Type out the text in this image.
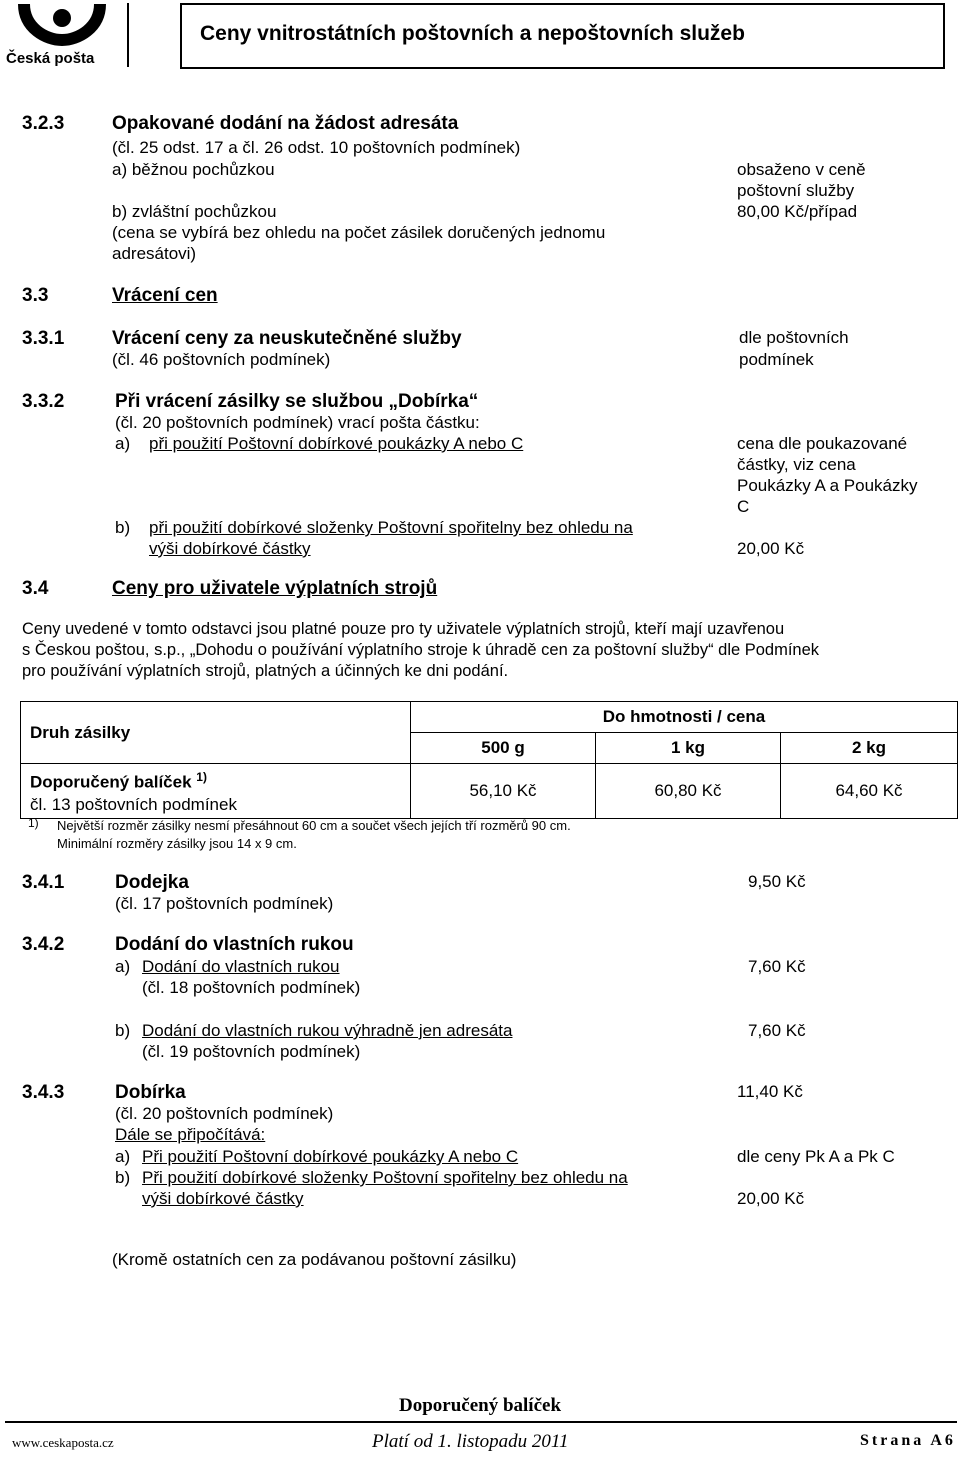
Česká pošta
Ceny vnitrostátních poštovních a nepoštovních služeb
3.2.3	Opakované dodání na žádost adresáta
(čl. 25 odst. 17 a čl. 26 odst. 10 poštovních podmínek)
a) běžnou pochůzkou	obsaženo v ceně
poštovní služby
b) zvláštní pochůzkou	80,00 Kč/případ
(cena se vybírá bez ohledu na počet zásilek doručených jednomu
adresátovi)
3.3	Vrácení cen
3.3.1	Vrácení ceny za neuskutečněné služby
(čl. 46 poštovních podmínek)
dle poštovních
podmínek
3.3.2	Při vrácení zásilky se službou „Dobírka“
(čl. 20 poštovních podmínek) vrací pošta částku:
a) při použití Poštovní dobírkové poukázky A nebo C	cena dle poukazované
částky, viz cena
Poukázky A a Poukázky
C
b) při použití dobírkové složenky Poštovní spořitelny bez ohledu na
výši dobírkové částky	20,00 Kč
3.4	Ceny pro uživatele výplatních strojů
Ceny uvedené v tomto odstavci jsou platné pouze pro ty uživatele výplatních strojů, kteří mají uzavřenou
s Českou poštou, s.p., „Dohodu o používání výplatního stroje k úhradě cen za poštovní služby“ dle Podmínek
pro používání výplatních strojů, platných a účinných ke dni podání.
Druh zásilky	Do hmotnosti / cena		
	500 g	1 kg	2 kg
Doporučený balíček $^{1)}$
čl. 13 poštovních podmínek	56,10 Kč	60,80 Kč	64,60 Kč
1) Největší rozměr zásilky nesmí přesáhnout 60 cm a součet všech jejích tří rozměrů 90 cm.
Minimální rozměry zásilky jsou 14 x 9 cm.
3.4.1	Dodejka
(čl. 17 poštovních podmínek)
9,50 Kč
3.4.2	Dodání do vlastních rukou
a) Dodání do vlastních rukou
(čl. 18 poštovních podmínek)
7,60 Kč
b) Dodání do vlastních rukou výhradně jen adresáta
(čl. 19 poštovních podmínek)
7,60 Kč
3.4.3	Dobírka	11,40 Kč
(čl. 20 poštovních podmínek)
Dále se připočítává:
a) Při použití Poštovní dobírkové poukázky A nebo C	dle ceny Pk A a Pk C
b) Při použití dobírkové složenky Poštovní spořitelny bez ohledu na
výši dobírkové částky	20,00 Kč
(Kromě ostatních cen za podávanou poštovní zásilku)
Doporučený balíček
www.ceskaposta.cz	Platí od 1. listopadu 2011	Strana A6
